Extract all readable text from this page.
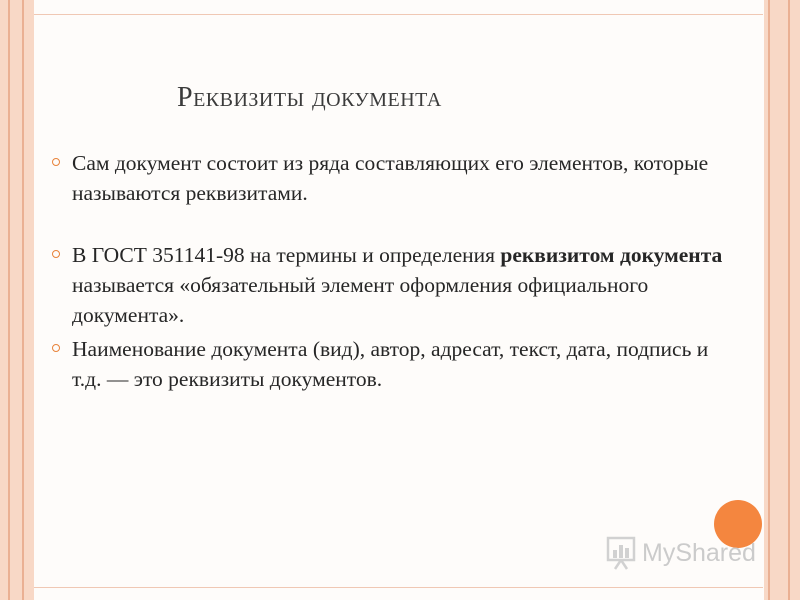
Реквизиты документа
Сам документ состоит из ряда составляющих его элементов, которые называются реквизитами.
В ГОСТ 351141-98 на термины и определения реквизитом документа называется «обязательный элемент оформления официального документа».
Наименование документа (вид), автор, адресат, текст, дата, подпись и т.д. — это реквизиты документов.
MyShared
